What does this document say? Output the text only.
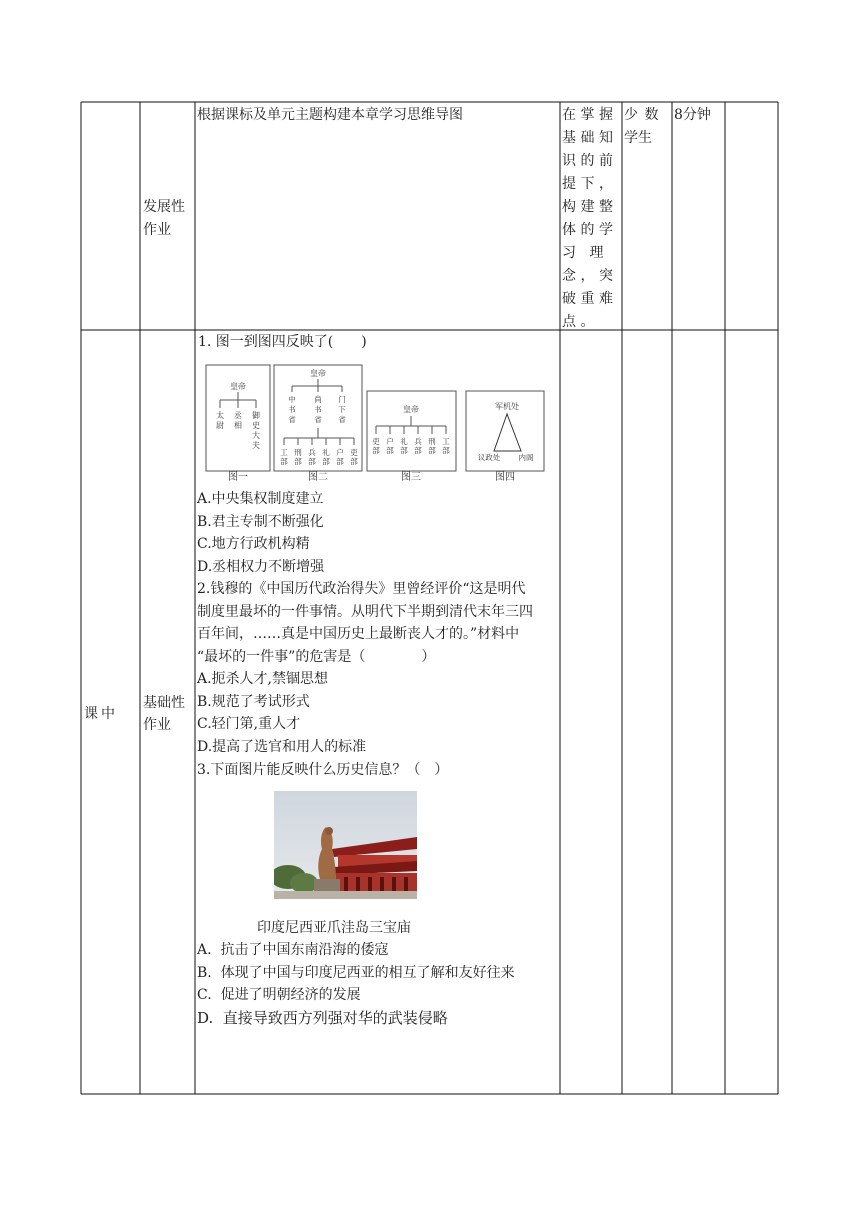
发展性
作业
根据课标及单元主题构建本章学习思维导图	在掌握
基础知
识的前
提下，
构建整
体的学
习 理
念，突
破重难
点。
少 数
学生
8分钟
课中
基础性
作业
1. 图一到图四反映了(　　)
皇帝
太
尉
丞
相
御
史
大
夫
图一
皇帝
中
书
省
尚
书
省
门
下
省
工
部
刑
部
兵
部
礼
部
户
部
吏
部
图二
皇帝
吏
部
户
部
礼
部
兵
部
刑
部
工
部
图三
军机处
议政处 内阁
图四
A.中央集权制度建立
B.君主专制不断强化
C.地方行政机构精
D.丞相权力不断增强
2.钱穆的《中国历代政治得失》里曾经评价“这是明代
制度里最坏的一件事情。从明代下半期到清代末年三四
百年间，……真是中国历史上最断丧人才的。”材料中
“最坏的一件事”的危害是（　　　　）
A.扼杀人才,禁锢思想
B.规范了考试形式
C.轻门第,重人才
D.提高了选官和用人的标准
3.下面图片能反映什么历史信息？（　）
印度尼西亚爪洼岛三宝庙
A.  抗击了中国东南沿海的倭寇
B.  体现了中国与印度尼西亚的相互了解和友好往来
C.  促进了明朝经济的发展
D.  直接导致西方列强对华的武装侵略
